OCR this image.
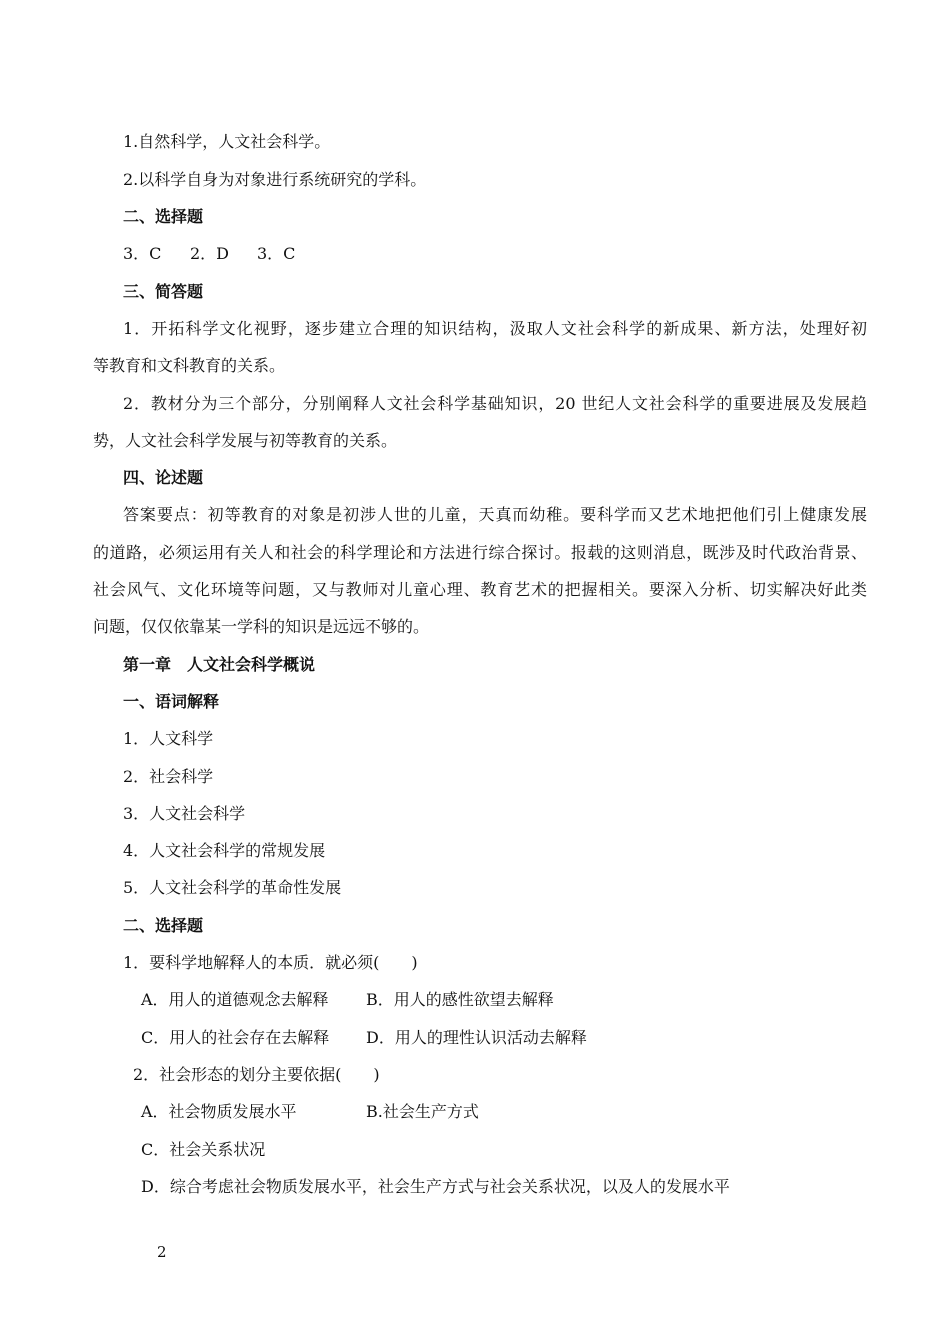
1.自然科学，人文社会科学。
2.以科学自身为对象进行系统研究的学科。
二、选择题
3．C 2．D 3．C
三、简答题
1．开拓科学文化视野，逐步建立合理的知识结构，汲取人文社会科学的新成果、新方法，处理好初
等教育和文科教育的关系。
2．教材分为三个部分，分别阐释人文社会科学基础知识，20 世纪人文社会科学的重要进展及发展趋
势，人文社会科学发展与初等教育的关系。
四、论述题
答案要点：初等教育的对象是初涉人世的儿童，天真而幼稚。要科学而又艺术地把他们引上健康发展
的道路，必须运用有关人和社会的科学理论和方法进行综合探讨。报载的这则消息，既涉及时代政治背景、
社会风气、文化环境等问题，又与教师对儿童心理、教育艺术的把握相关。要深入分析、切实解决好此类
问题，仅仅依靠某一学科的知识是远远不够的。
第一章　人文社会科学概说
一、语词解释
1．人文科学
2．社会科学
3．人文社会科学
4．人文社会科学的常规发展
5．人文社会科学的革命性发展
二、选择题
1．要科学地解释人的本质．就必须(　　)
A．用人的道德观念去解释 B．用人的感性欲望去解释
C．用人的社会存在去解释 D．用人的理性认识活动去解释
2．社会形态的划分主要依据(　　)
A．社会物质发展水平	B.社会生产方式
C．社会关系状况
D．综合考虑社会物质发展水平，社会生产方式与社会关系状况，以及人的发展水平
2
